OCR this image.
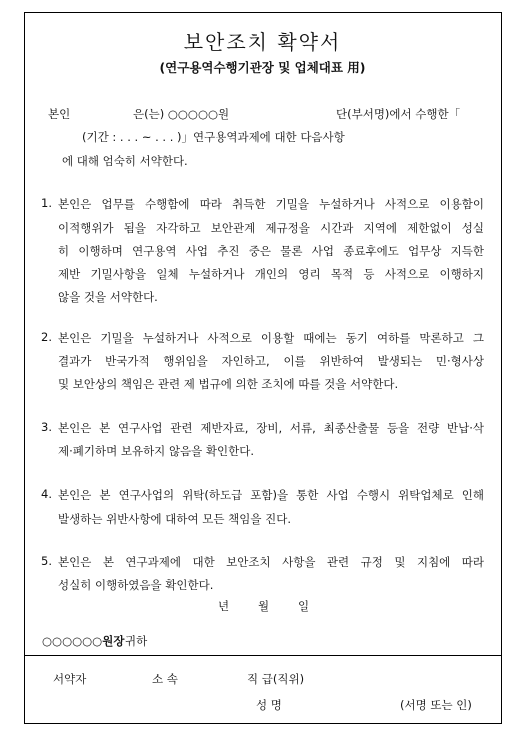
보안조치 확약서
(연구용역수행기관장 및 업체대표 用)
본인	은(는) ○○○○○원	단(부서명)에서 수행한「
(기간 : . . . ~ . . . )」연구용역과제에 대한 다음사항
에 대해 엄숙히 서약한다.
1. 본인은 업무를 수행함에 따라 취득한 기밀을 누설하거나 사적으로 이용함이
이적행위가 됨을 자각하고 보안관계 제규정을 시간과 지역에 제한없이 성실
히 이행하며 연구용역 사업 추진 중은 물론 사업 종료후에도 업무상 지득한
제반 기밀사항을 일체 누설하거나 개인의 영리 목적 등 사적으로 이행하지
않을 것을 서약한다.
2. 본인은 기밀을 누설하거나 사적으로 이용할 때에는 동기 여하를 막론하고 그
결과가 반국가적 행위임을 자인하고, 이를 위반하여 발생되는 민·형사상
및 보안상의 책임은 관련 제 법규에 의한 조치에 따를 것을 서약한다.
3. 본인은 본 연구사업 관련 제반자료, 장비, 서류, 최종산출물 등을 전량 반납·삭
제·폐기하며 보유하지 않음을 확인한다.
4. 본인은 본 연구사업의 위탁(하도급 포함)을 통한 사업 수행시 위탁업체로 인해
발생하는 위반사항에 대하여 모든 책임을 진다.
5. 본인은 본 연구과제에 대한 보안조치 사항을 관련 규정 및 지침에 따라
성실히 이행하였음을 확인한다.
년	월	일
○○○○○○원장 귀하
서약자	소 속	직 급(직위)
성 명	(서명 또는 인)
